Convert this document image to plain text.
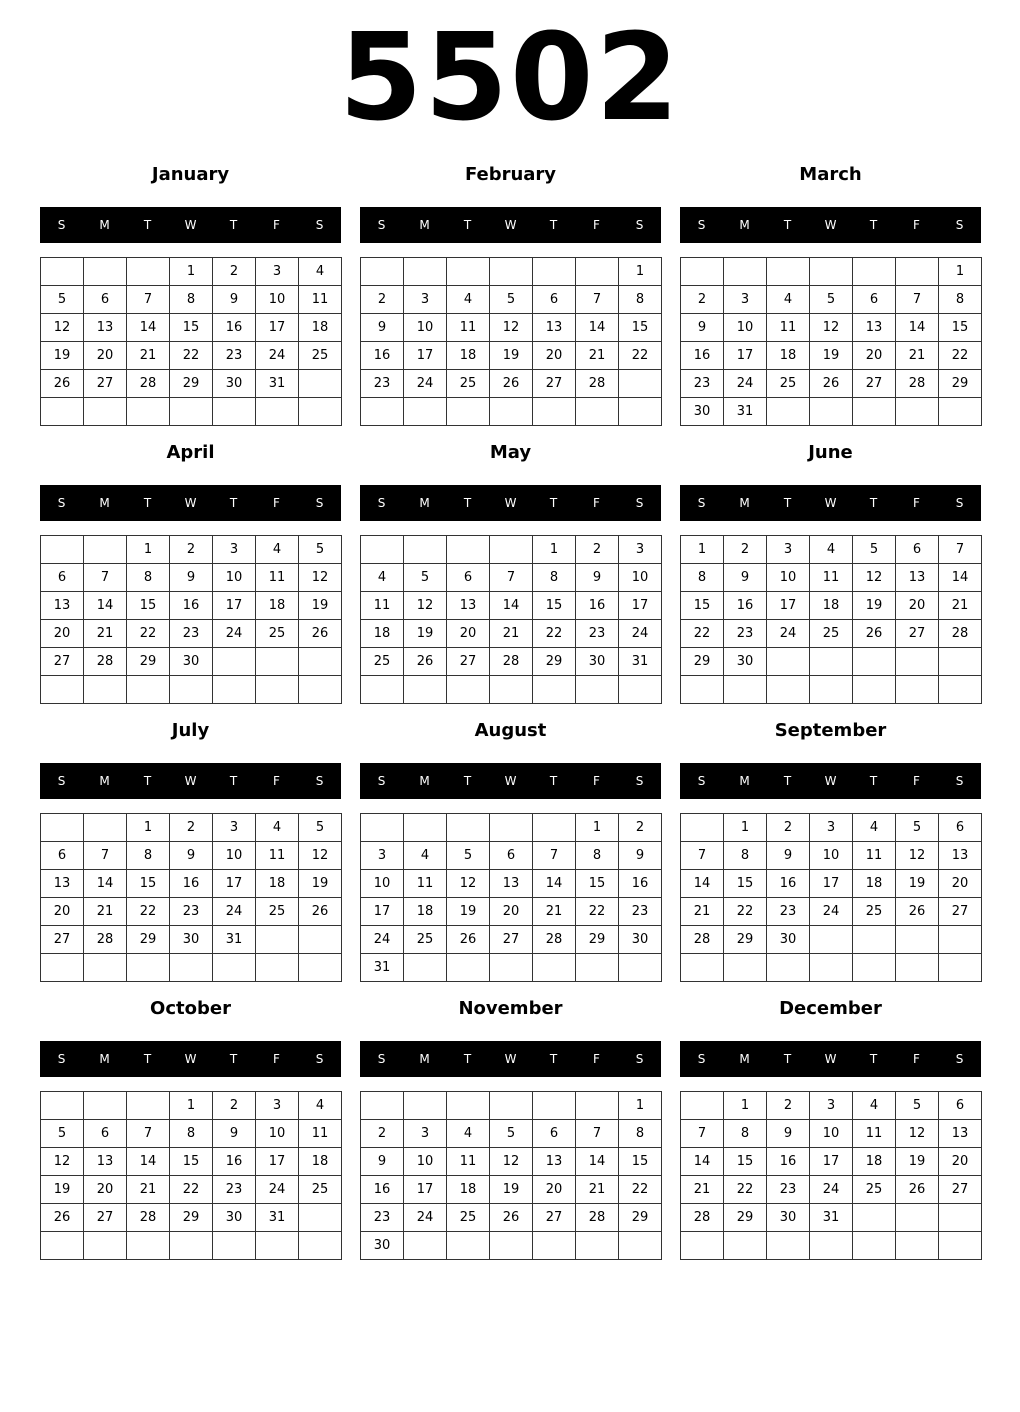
5502
January
S	M	T	W	T	F	S
			1	2	3	4
5	6	7	8	9	10	11
12	13	14	15	16	17	18
19	20	21	22	23	24	25
26	27	28	29	30	31	

February
S	M	T	W	T	F	S
						1
2	3	4	5	6	7	8
9	10	11	12	13	14	15
16	17	18	19	20	21	22
23	24	25	26	27	28	

March
S	M	T	W	T	F	S
						1
2	3	4	5	6	7	8
9	10	11	12	13	14	15
16	17	18	19	20	21	22
23	24	25	26	27	28	29
30	31					
April
S	M	T	W	T	F	S
		1	2	3	4	5
6	7	8	9	10	11	12
13	14	15	16	17	18	19
20	21	22	23	24	25	26
27	28	29	30			

May
S	M	T	W	T	F	S
				1	2	3
4	5	6	7	8	9	10
11	12	13	14	15	16	17
18	19	20	21	22	23	24
25	26	27	28	29	30	31

June
S	M	T	W	T	F	S
1	2	3	4	5	6	7
8	9	10	11	12	13	14
15	16	17	18	19	20	21
22	23	24	25	26	27	28
29	30					

July
S	M	T	W	T	F	S
		1	2	3	4	5
6	7	8	9	10	11	12
13	14	15	16	17	18	19
20	21	22	23	24	25	26
27	28	29	30	31		

August
S	M	T	W	T	F	S
					1	2
3	4	5	6	7	8	9
10	11	12	13	14	15	16
17	18	19	20	21	22	23
24	25	26	27	28	29	30
31						
September
S	M	T	W	T	F	S
	1	2	3	4	5	6
7	8	9	10	11	12	13
14	15	16	17	18	19	20
21	22	23	24	25	26	27
28	29	30				

October
S	M	T	W	T	F	S
			1	2	3	4
5	6	7	8	9	10	11
12	13	14	15	16	17	18
19	20	21	22	23	24	25
26	27	28	29	30	31	

November
S	M	T	W	T	F	S
						1
2	3	4	5	6	7	8
9	10	11	12	13	14	15
16	17	18	19	20	21	22
23	24	25	26	27	28	29
30						
December
S	M	T	W	T	F	S
	1	2	3	4	5	6
7	8	9	10	11	12	13
14	15	16	17	18	19	20
21	22	23	24	25	26	27
28	29	30	31			
